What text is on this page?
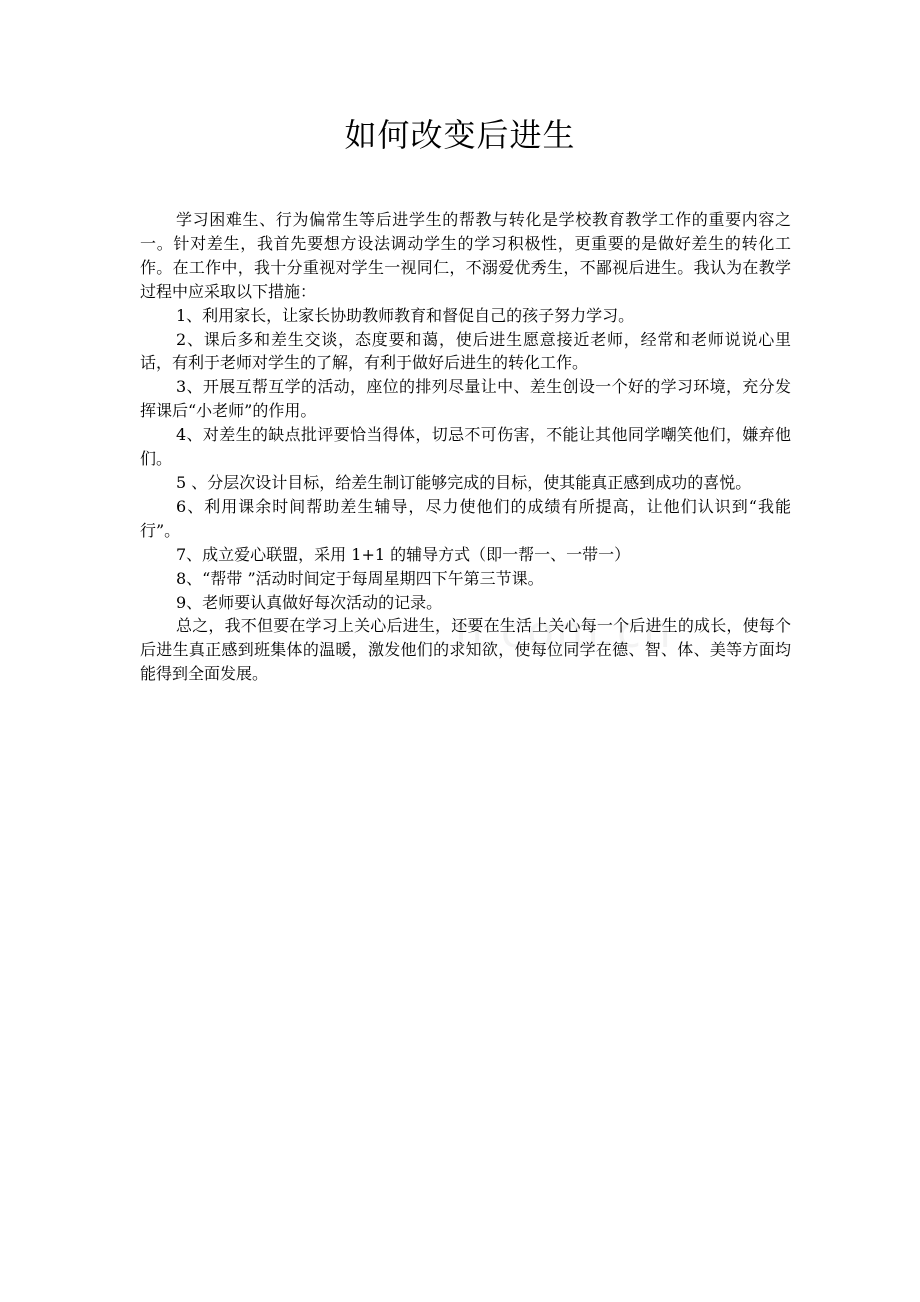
如何改变后进生

学习困难生、行为偏常生等后进学生的帮教与转化是学校教育教学工作的重要内容之一。针对差生，我首先要想方设法调动学生的学习积极性，更重要的是做好差生的转化工作。在工作中，我十分重视对学生一视同仁，不溺爱优秀生，不鄙视后进生。我认为在教学过程中应采取以下措施：

1、利用家长，让家长协助教师教育和督促自己的孩子努力学习。

2、课后多和差生交谈，态度要和蔼，使后进生愿意接近老师，经常和老师说说心里话，有利于老师对学生的了解，有利于做好后进生的转化工作。

3、开展互帮互学的活动，座位的排列尽量让中、差生创设一个好的学习环境，充分发挥课后“小老师”的作用。

4、对差生的缺点批评要恰当得体，切忌不可伤害，不能让其他同学嘲笑他们，嫌弃他们。

5 、分层次设计目标，给差生制订能够完成的目标，使其能真正感到成功的喜悦。

6、利用课余时间帮助差生辅导，尽力使他们的成绩有所提高，让他们认识到“我能行”。

7、成立爱心联盟，采用 1+1 的辅导方式（即一帮一、一带一）

8、“帮带 ”活动时间定于每周星期四下午第三节课。

9、老师要认真做好每次活动的记录。

总之，我不但要在学习上关心后进生，还要在生活上关心每一个后进生的成长，使每个后进生真正感到班集体的温暖，激发他们的求知欲，使每位同学在德、智、体、美等方面均能得到全面发展。
